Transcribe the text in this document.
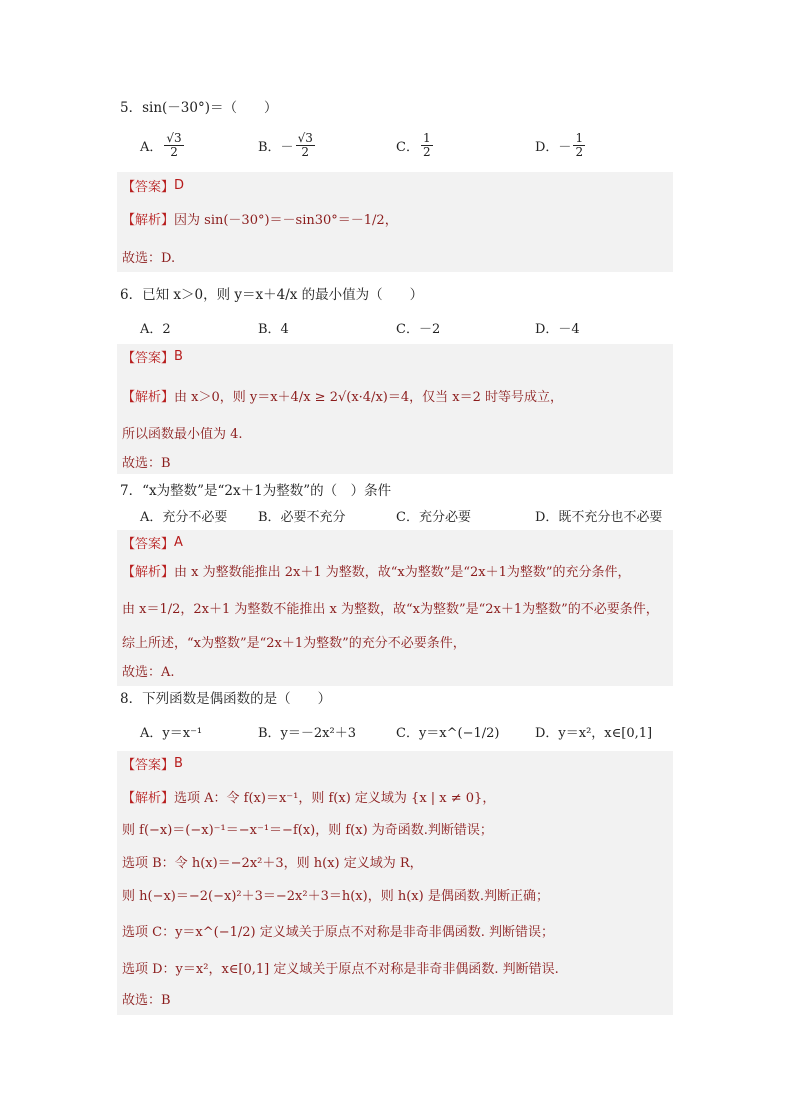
5．sin(－30°)＝（　　）
A． $\frac{√3}{2}$	B．－ $\frac{√3}{2}$	C． $\frac{1}{2}$	D．－ $\frac{1}{2}$
【答案】 D
【解析】 因为 sin(－30°)＝－sin30°＝－1/2，
故选：D.
6．已知 x＞0，则 y＝x＋4/x 的最小值为（　　）
A．2	B．4	C．－2	D．－4
【答案】 B
【解析】 由 x＞0，则 y＝x＋4/x ≥ 2√(x·4/x)＝4，仅当 x＝2 时等号成立，
所以函数最小值为 4.
故选：B
7．“x为整数”是“2x＋1为整数”的（　）条件
A．充分不必要 B．必要不充分	C．充分必要	D．既不充分也不必要
【答案】 A
【解析】 由 x 为整数能推出 2x＋1 为整数，故“x为整数”是“2x＋1为整数”的充分条件，
由 x＝1/2，2x＋1 为整数不能推出 x 为整数，故“x为整数”是“2x＋1为整数”的不必要条件，
综上所述，“x为整数”是“2x＋1为整数”的充分不必要条件，
故选：A.
8．下列函数是偶函数的是（　　）
A．y＝x⁻¹	B．y＝－2x²＋3	C．y＝x^(−1/2)	D．y＝x²，x∈[0,1]
【答案】 B
【解析】 选项 A：令 f(x)＝x⁻¹，则 f(x) 定义域为 {x | x ≠ 0}，
则 f(−x)＝(−x)⁻¹＝−x⁻¹＝−f(x)，则 f(x) 为奇函数.判断错误；
选项 B：令 h(x)＝−2x²＋3，则 h(x) 定义域为 R，
则 h(−x)＝−2(−x)²＋3＝−2x²＋3＝h(x)，则 h(x) 是偶函数.判断正确；
选项 C：y＝x^(−1/2) 定义域关于原点不对称是非奇非偶函数. 判断错误；
选项 D：y＝x²，x∈[0,1] 定义域关于原点不对称是非奇非偶函数. 判断错误.
故选：B
